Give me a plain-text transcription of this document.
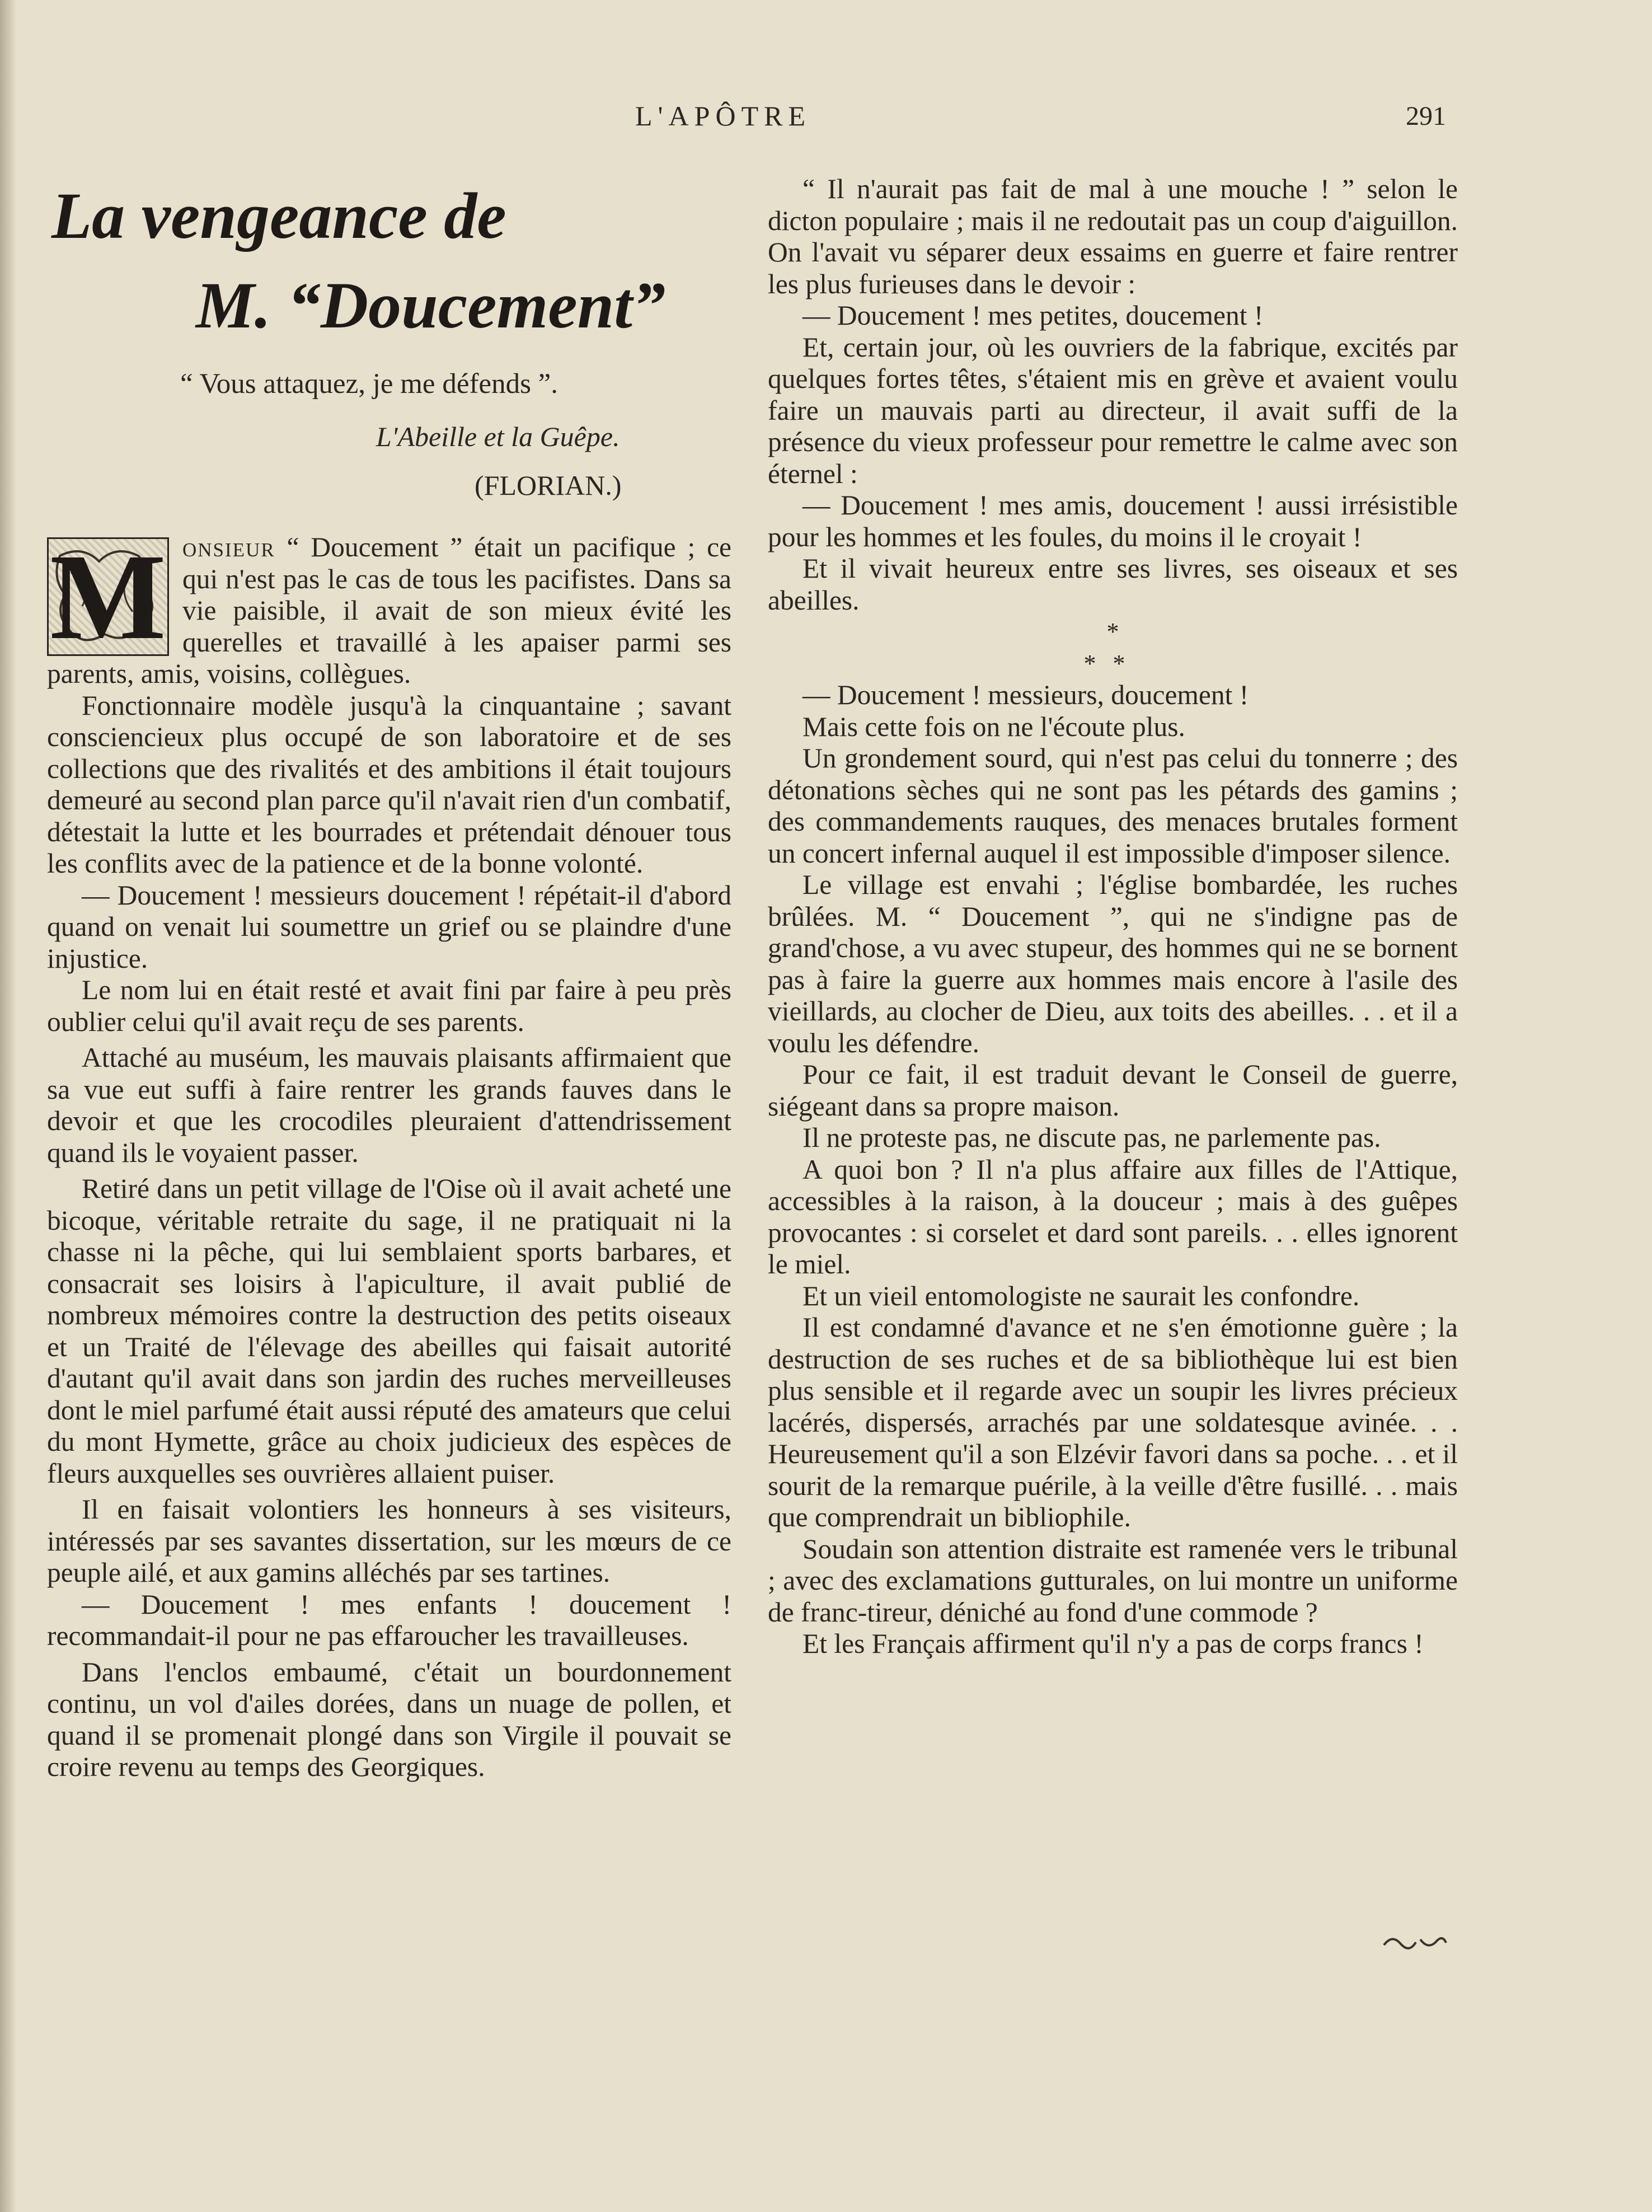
L'APÔTRE	291
La vengeance de
M. “Doucement”
“ Vous attaquez, je me défends ”.
L'Abeille et la Guêpe.
(FLORIAN.)

M onsieur “ Doucement ” était un pacifique ; ce qui n'est pas le cas de tous les pacifistes. Dans sa vie paisible, il avait de son mieux évité les querelles et travaillé à les apaiser parmi ses parents, amis, voisins, collègues.

Fonctionnaire modèle jusqu'à la cinquantaine ; savant consciencieux plus occupé de son laboratoire et de ses collections que des rivalités et des ambitions il était toujours demeuré au second plan parce qu'il n'avait rien d'un combatif, détestait la lutte et les bourrades et prétendait dénouer tous les conflits avec de la patience et de la bonne volonté.

— Doucement ! messieurs doucement ! répétait-il d'abord quand on venait lui soumettre un grief ou se plaindre d'une injustice.

Le nom lui en était resté et avait fini par faire à peu près oublier celui qu'il avait reçu de ses parents.

Attaché au muséum, les mauvais plaisants affirmaient que sa vue eut suffi à faire rentrer les grands fauves dans le devoir et que les crocodiles pleuraient d'attendrissement quand ils le voyaient passer.

Retiré dans un petit village de l'Oise où il avait acheté une bicoque, véritable retraite du sage, il ne pratiquait ni la chasse ni la pêche, qui lui semblaient sports barbares, et consacrait ses loisirs à l'apiculture, il avait publié de nombreux mémoires contre la destruction des petits oiseaux et un Traité de l'élevage des abeilles qui faisait autorité d'autant qu'il avait dans son jardin des ruches merveilleuses dont le miel parfumé était aussi réputé des amateurs que celui du mont Hymette, grâce au choix judicieux des espèces de fleurs auxquelles ses ouvrières allaient puiser.

Il en faisait volontiers les honneurs à ses visiteurs, intéressés par ses savantes dissertation, sur les mœurs de ce peuple ailé, et aux gamins alléchés par ses tartines.

— Doucement ! mes enfants ! doucement ! recommandait-il pour ne pas effaroucher les travailleuses.

Dans l'enclos embaumé, c'était un bourdonnement continu, un vol d'ailes dorées, dans un nuage de pollen, et quand il se promenait plongé dans son Virgile il pouvait se croire revenu au temps des Georgiques.

“ Il n'aurait pas fait de mal à une mouche ! ” selon le dicton populaire ; mais il ne redoutait pas un coup d'aiguillon. On l'avait vu séparer deux essaims en guerre et faire rentrer les plus furieuses dans le devoir :

— Doucement ! mes petites, doucement !

Et, certain jour, où les ouvriers de la fabrique, excités par quelques fortes têtes, s'étaient mis en grève et avaient voulu faire un mauvais parti au directeur, il avait suffi de la présence du vieux professeur pour remettre le calme avec son éternel :

— Doucement ! mes amis, doucement ! aussi irrésistible pour les hommes et les foules, du moins il le croyait !

Et il vivait heureux entre ses livres, ses oiseaux et ses abeilles.

*

**

— Doucement ! messieurs, doucement !

Mais cette fois on ne l'écoute plus.

Un grondement sourd, qui n'est pas celui du tonnerre ; des détonations sèches qui ne sont pas les pétards des gamins ; des commandements rauques, des menaces brutales forment un concert infernal auquel il est impossible d'imposer silence.

Le village est envahi ; l'église bombardée, les ruches brûlées. M. “ Doucement ”, qui ne s'indigne pas de grand'chose, a vu avec stupeur, des hommes qui ne se bornent pas à faire la guerre aux hommes mais encore à l'asile des vieillards, au clocher de Dieu, aux toits des abeilles. . . et il a voulu les défendre.

Pour ce fait, il est traduit devant le Conseil de guerre, siégeant dans sa propre maison.

Il ne proteste pas, ne discute pas, ne parlemente pas.

A quoi bon ? Il n'a plus affaire aux filles de l'Attique, accessibles à la raison, à la douceur ; mais à des guêpes provocantes : si corselet et dard sont pareils. . . elles ignorent le miel.

Et un vieil entomologiste ne saurait les confondre.

Il est condamné d'avance et ne s'en émotionne guère ; la destruction de ses ruches et de sa bibliothèque lui est bien plus sensible et il regarde avec un soupir les livres précieux lacérés, dispersés, arrachés par une soldatesque avinée. . . Heureusement qu'il a son Elzévir favori dans sa poche. . . et il sourit de la remarque puérile, à la veille d'être fusillé. . . mais que comprendrait un bibliophile.

Soudain son attention distraite est ramenée vers le tribunal ; avec des exclamations gutturales, on lui montre un uniforme de franc-tireur, déniché au fond d'une commode ?

Et les Français affirment qu'il n'y a pas de corps francs !
